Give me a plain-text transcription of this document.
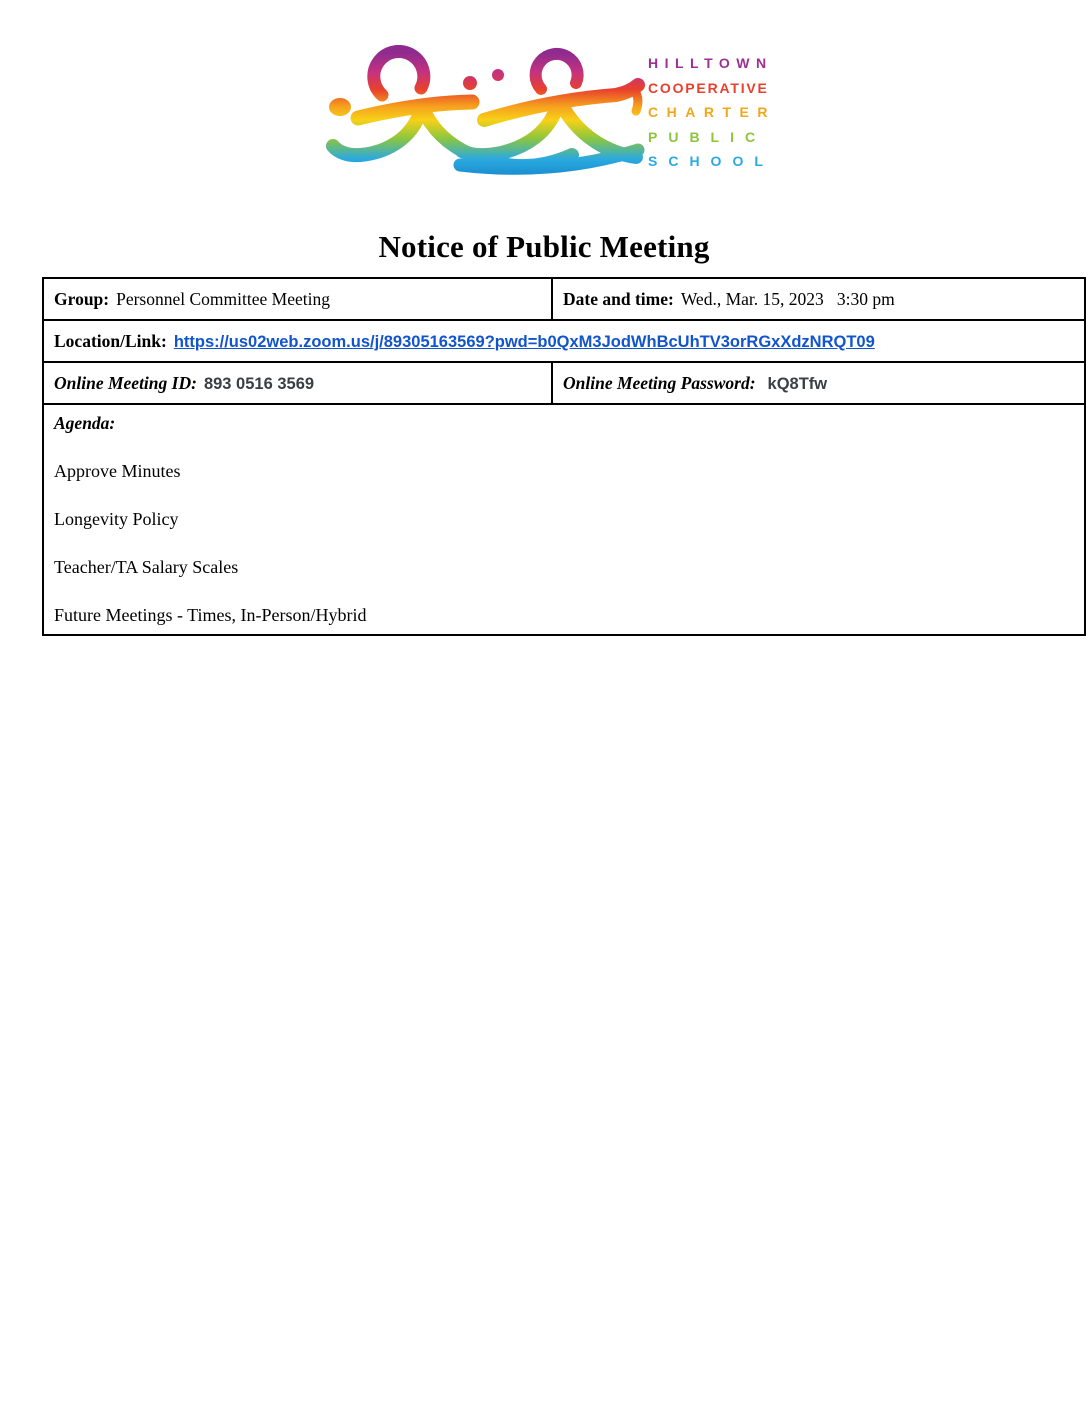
HILLTOWN
COOPERATIVE
CHARTER
PUBLIC
SCHOOL
Notice of Public Meeting
Group: Personnel Committee Meeting	Date and time: Wed., Mar. 15, 2023   3:30 pm
Location/Link: https://us02web.zoom.us/j/89305163569?pwd=b0QxM3JodWhBcUhTV3orRGxXdzNRQT09	
Online Meeting ID: 893 0516 3569	Online Meeting Password: kQ8Tfw

Agenda:

Approve Minutes

Longevity Policy

Teacher/TA Salary Scales

Future Meetings - Times, In-Person/Hybrid	
